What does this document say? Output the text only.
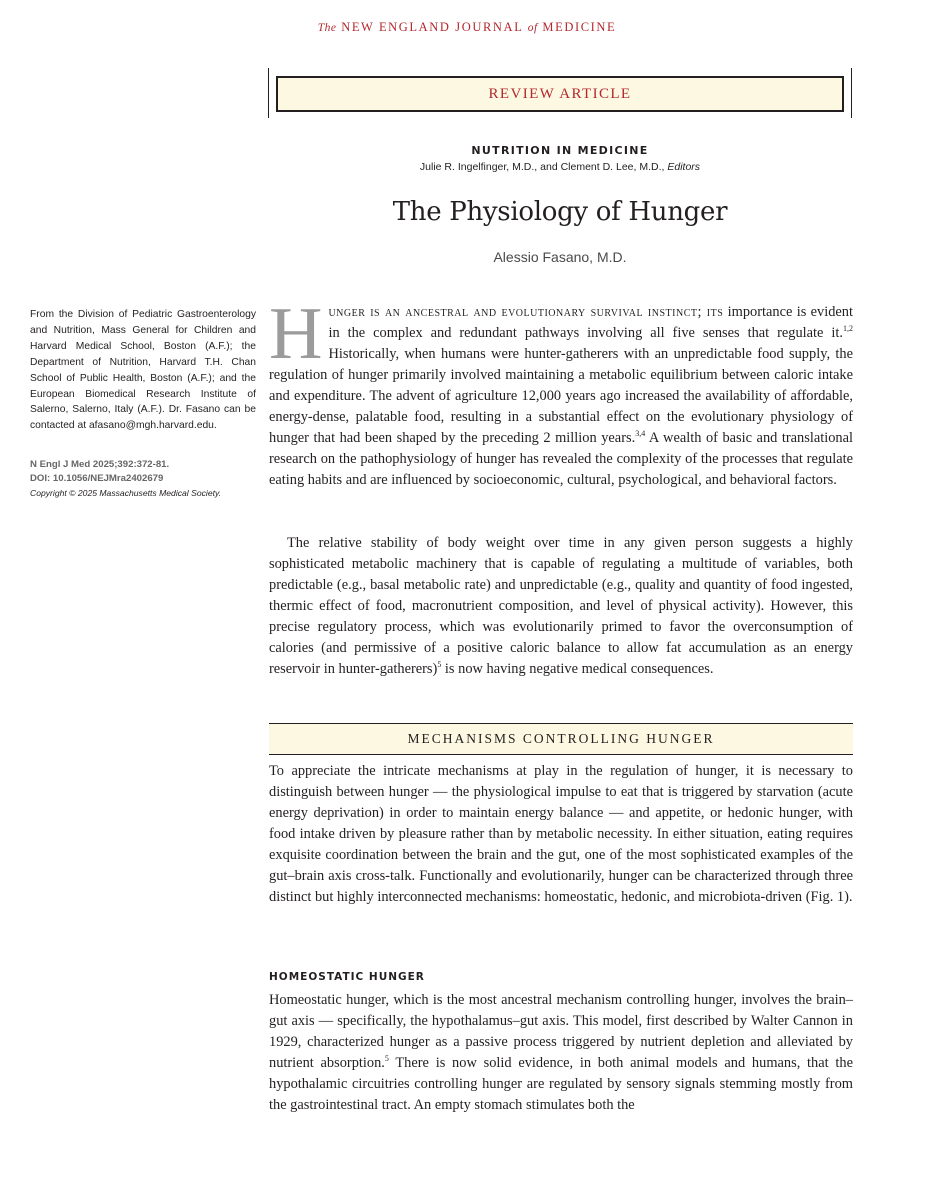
The NEW ENGLAND JOURNAL of MEDICINE
REVIEW ARTICLE
NUTRITION IN MEDICINE
Julie R. Ingelfinger, M.D., and Clement D. Lee, M.D., Editors
The Physiology of Hunger
Alessio Fasano, M.D.
From the Division of Pediatric Gastroenterology and Nutrition, Mass General for Children and Harvard Medical School, Boston (A.F.); the Department of Nutrition, Harvard T.H. Chan School of Public Health, Boston (A.F.); and the European Biomedical Research Institute of Salerno, Salerno, Italy (A.F.). Dr. Fasano can be contacted at afasano@mgh.harvard.edu.
N Engl J Med 2025;392:372-81.
DOI: 10.1056/NEJMra2402679
Copyright © 2025 Massachusetts Medical Society.

Hunger is an ancestral and evolutionary survival instinct; its importance is evident in the complex and redundant pathways involving all five senses that regulate it.$^{1,2}$ Historically, when humans were hunter-gatherers with an unpredictable food supply, the regulation of hunger primarily involved maintaining a metabolic equilibrium between caloric intake and expenditure. The advent of agriculture 12,000 years ago increased the availability of affordable, energy-dense, palatable food, resulting in a substantial effect on the evolutionary physiology of hunger that had been shaped by the preceding 2 million years.$^{3,4}$ A wealth of basic and translational research on the pathophysiology of hunger has revealed the complexity of the processes that regulate eating habits and are influenced by socioeconomic, cultural, psychological, and behavioral factors.

The relative stability of body weight over time in any given person suggests a highly sophisticated metabolic machinery that is capable of regulating a multitude of variables, both predictable (e.g., basal metabolic rate) and unpredictable (e.g., quality and quantity of food ingested, thermic effect of food, macronutrient composition, and level of physical activity). However, this precise regulatory process, which was evolutionarily primed to favor the overconsumption of calories (and permissive of a positive caloric balance to allow fat accumulation as an energy reservoir in hunter-gatherers)$^5$ is now having negative medical consequences.

MECHANISMS CONTROLLING HUNGER

To appreciate the intricate mechanisms at play in the regulation of hunger, it is necessary to distinguish between hunger — the physiological impulse to eat that is triggered by starvation (acute energy deprivation) in order to maintain energy balance — and appetite, or hedonic hunger, with food intake driven by pleasure rather than by metabolic necessity. In either situation, eating requires exquisite coordination between the brain and the gut, one of the most sophisticated examples of the gut–brain axis cross-talk. Functionally and evolutionarily, hunger can be characterized through three distinct but highly interconnected mechanisms: homeostatic, hedonic, and microbiota-driven (Fig. 1).

HOMEOSTATIC HUNGER

Homeostatic hunger, which is the most ancestral mechanism controlling hunger, involves the brain–gut axis — specifically, the hypothalamus–gut axis. This model, first described by Walter Cannon in 1929, characterized hunger as a passive process triggered by nutrient depletion and alleviated by nutrient absorption.$^5$ There is now solid evidence, in both animal models and humans, that the hypothalamic circuitries controlling hunger are regulated by sensory signals stemming mostly from the gastrointestinal tract. An empty stomach stimulates both the
